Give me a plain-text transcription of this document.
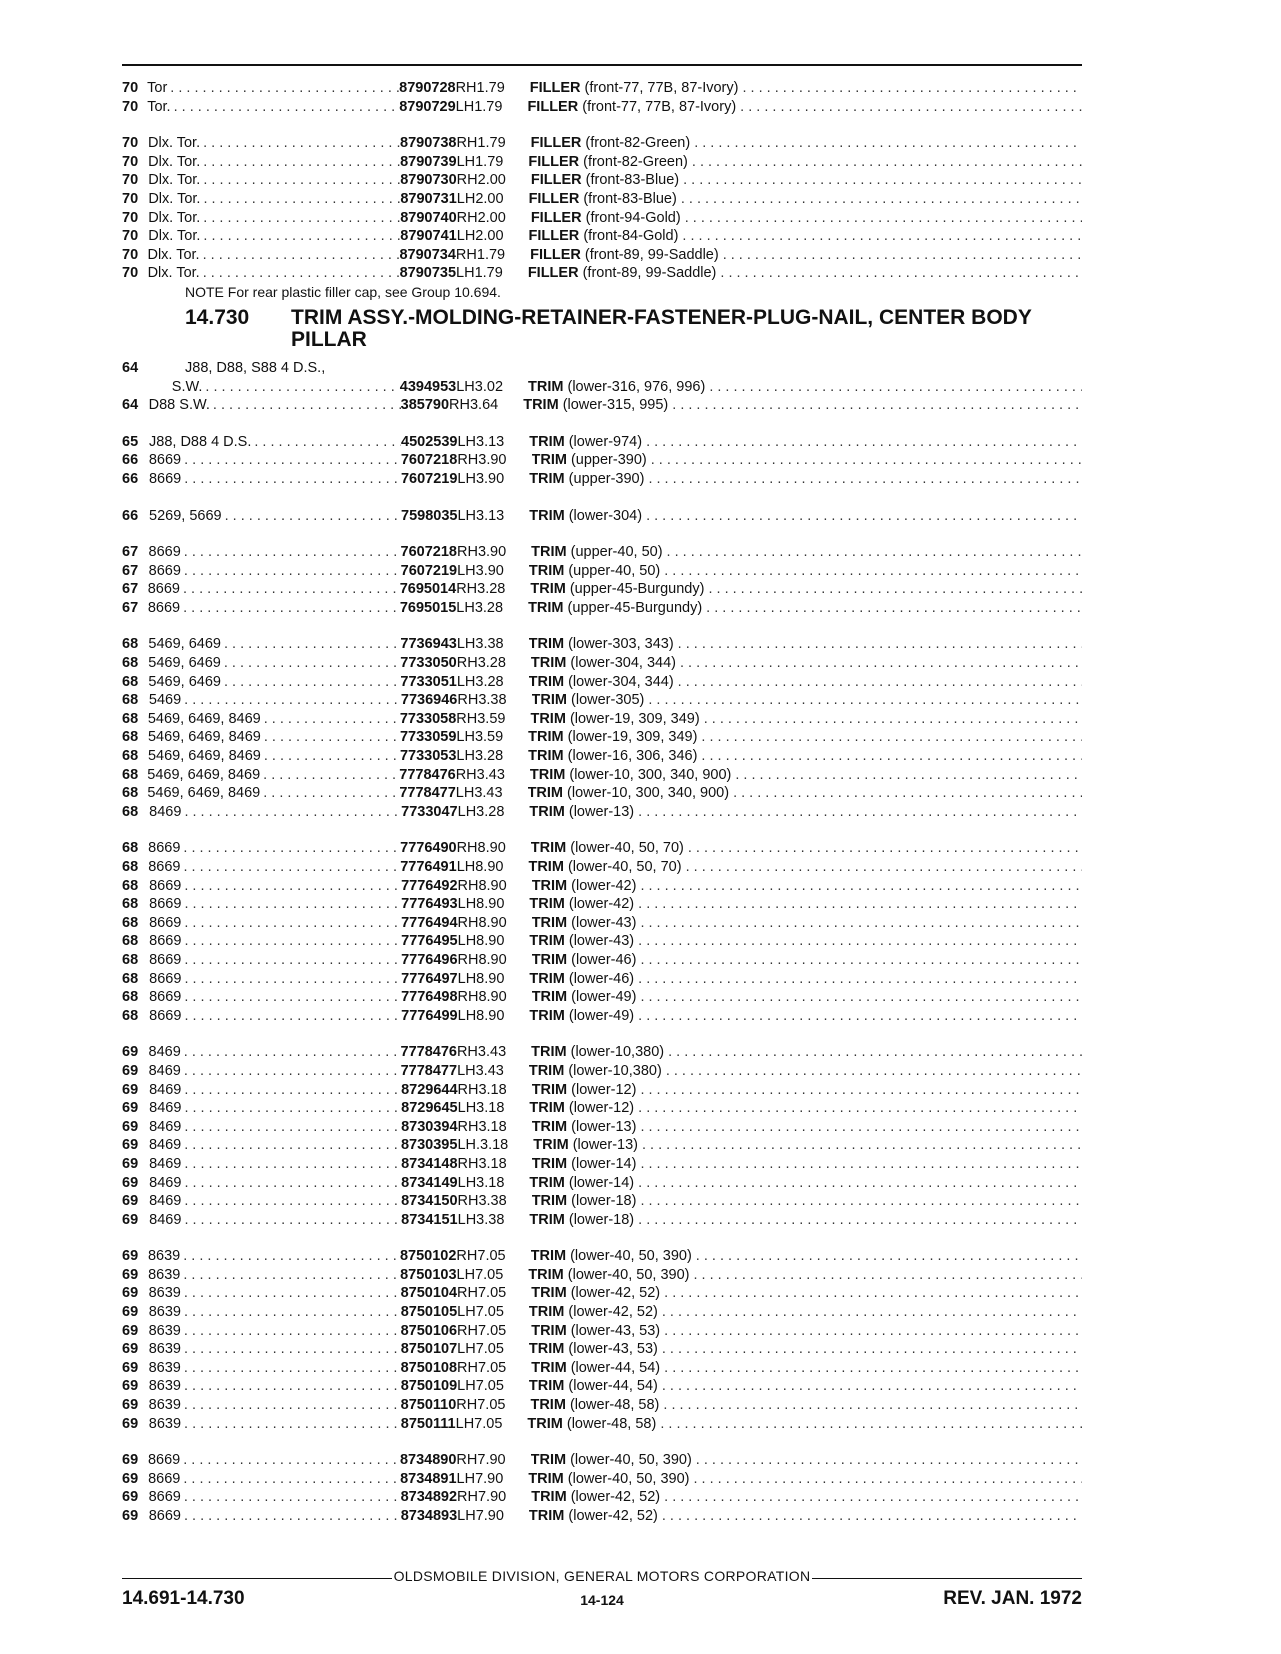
70 Tor . . .	8790728 RH 1.79	FILLER (front-77, 77B, 87-Ivory)
. . .
70 Tor. . . .	8790729 LH 1.79	FILLER (front-77, 77B, 87-Ivory)
. . .
70 Dlx. Tor. . . .	8790738 RH 1.79	FILLER (front-82-Green)
. . .
70 Dlx. Tor. . . .	8790739 LH 1.79	FILLER (front-82-Green)
. . .
70 Dlx. Tor. . . .	8790730 RH 2.00	FILLER (front-83-Blue)
. . .
70 Dlx. Tor. . . .	8790731 LH 2.00	FILLER (front-83-Blue)
. . .
70 Dlx. Tor. . . .	8790740 RH 2.00	FILLER (front-94-Gold)
. . .
70 Dlx. Tor. . . .	8790741 LH 2.00	FILLER (front-84-Gold)
. . .
70 Dlx. Tor. . . .	8790734 RH 1.79	FILLER (front-89, 99-Saddle)
. . .
70 Dlx. Tor. . . .	8790735 LH 1.79	FILLER (front-89, 99-Saddle)
. . .
NOTE For rear plastic filler cap, see Group 10.694.
14.730	TRIM ASSY.-MOLDING-RETAINER-FASTENER-PLUG-NAIL, CENTER BODY PILLAR
64	J88, D88, S88 4 D.S.,
S.W. . . .	4394953 LH 3.02	TRIM (lower-316, 976, 996)
. . .
64 D88 S.W. . . .	385790 RH 3.64	TRIM (lower-315, 995)
. . .
65 J88, D88 4 D.S. . . .	4502539 LH 3.13	TRIM (lower-974)
. . .
66 8669 . . .	7607218 RH 3.90	TRIM (upper-390)
. . .
66 8669 . . .	7607219 LH 3.90	TRIM (upper-390)
. . .
66 5269, 5669 . . .	7598035 LH 3.13	TRIM (lower-304)
. . .
67 8669 . . .	7607218 RH 3.90	TRIM (upper-40, 50)
. . .
67 8669 . . .	7607219 LH 3.90	TRIM (upper-40, 50)
. . .
67 8669 . . .	7695014 RH 3.28	TRIM (upper-45-Burgundy)
. . .
67 8669 . . .	7695015 LH 3.28	TRIM (upper-45-Burgundy)
. . .
68 5469, 6469 . . .	7736943 LH 3.38	TRIM (lower-303, 343)
. . .
68 5469, 6469 . . .	7733050 RH 3.28	TRIM (lower-304, 344)
. . .
68 5469, 6469 . . .	7733051 LH 3.28	TRIM (lower-304, 344)
. . .
68 5469 . . .	7736946 RH 3.38	TRIM (lower-305)
. . .
68 5469, 6469, 8469 . . .	7733058 RH 3.59	TRIM (lower-19, 309, 349)
. . .
68 5469, 6469, 8469 . . .	7733059 LH 3.59	TRIM (lower-19, 309, 349)
. . .
68 5469, 6469, 8469 . . .	7733053 LH 3.28	TRIM (lower-16, 306, 346)
. . .
68 5469, 6469, 8469 . . .	7778476 RH 3.43	TRIM (lower-10, 300, 340, 900)
. . .
68 5469, 6469, 8469 . . .	7778477 LH 3.43	TRIM (lower-10, 300, 340, 900)
. . .
68 8469 . . .	7733047 LH 3.28	TRIM (lower-13)
. . .
68 8669 . . .	7776490 RH 8.90	TRIM (lower-40, 50, 70)
. . .
68 8669 . . .	7776491 LH 8.90	TRIM (lower-40, 50, 70)
. . .
68 8669 . . .	7776492 RH 8.90	TRIM (lower-42)
. . .
68 8669 . . .	7776493 LH 8.90	TRIM (lower-42)
. . .
68 8669 . . .	7776494 RH 8.90	TRIM (lower-43)
. . .
68 8669 . . .	7776495 LH 8.90	TRIM (lower-43)
. . .
68 8669 . . .	7776496 RH 8.90	TRIM (lower-46)
. . .
68 8669 . . .	7776497 LH 8.90	TRIM (lower-46)
. . .
68 8669 . . .	7776498 RH 8.90	TRIM (lower-49)
. . .
68 8669 . . .	7776499 LH 8.90	TRIM (lower-49)
. . .
69 8469 . . .	7778476 RH 3.43	TRIM (lower-10,380)
. . .
69 8469 . . .	7778477 LH 3.43	TRIM (lower-10,380)
. . .
69 8469 . . .	8729644 RH 3.18	TRIM (lower-12)
. . .
69 8469 . . .	8729645 LH 3.18	TRIM (lower-12)
. . .
69 8469 . . .	8730394 RH 3.18	TRIM (lower-13)
. . .
69 8469 . . .	8730395 LH. 3.18	TRIM (lower-13)
. . .
69 8469 . . .	8734148 RH 3.18	TRIM (lower-14)
. . .
69 8469 . . .	8734149 LH 3.18	TRIM (lower-14)
. . .
69 8469 . . .	8734150 RH 3.38	TRIM (lower-18)
. . .
69 8469 . . .	8734151 LH 3.38	TRIM (lower-18)
. . .
69 8639 . . .	8750102 RH 7.05	TRIM (lower-40, 50, 390)
. . .
69 8639 . . .	8750103 LH 7.05	TRIM (lower-40, 50, 390)
. . .
69 8639 . . .	8750104 RH 7.05	TRIM (lower-42, 52)
. . .
69 8639 . . .	8750105 LH 7.05	TRIM (lower-42, 52)
. . .
69 8639 . . .	8750106 RH 7.05	TRIM (lower-43, 53)
. . .
69 8639 . . .	8750107 LH 7.05	TRIM (lower-43, 53)
. . .
69 8639 . . .	8750108 RH 7.05	TRIM (lower-44, 54)
. . .
69 8639 . . .	8750109 LH 7.05	TRIM (lower-44, 54)
. . .
69 8639 . . .	8750110 RH 7.05	TRIM (lower-48, 58)
. . .
69 8639 . . .	8750111 LH 7.05	TRIM (lower-48, 58)
. . .
69 8669 . . .	8734890 RH 7.90	TRIM (lower-40, 50, 390)
. . .
69 8669 . . .	8734891 LH 7.90	TRIM (lower-40, 50, 390)
. . .
69 8669 . . .	8734892 RH 7.90	TRIM (lower-42, 52)
. . .
69 8669 . . .	8734893 LH 7.90	TRIM (lower-42, 52)
. . .
OLDSMOBILE DIVISION, GENERAL MOTORS CORPORATION
14.691-14.730	14-124	REV. JAN. 1972
